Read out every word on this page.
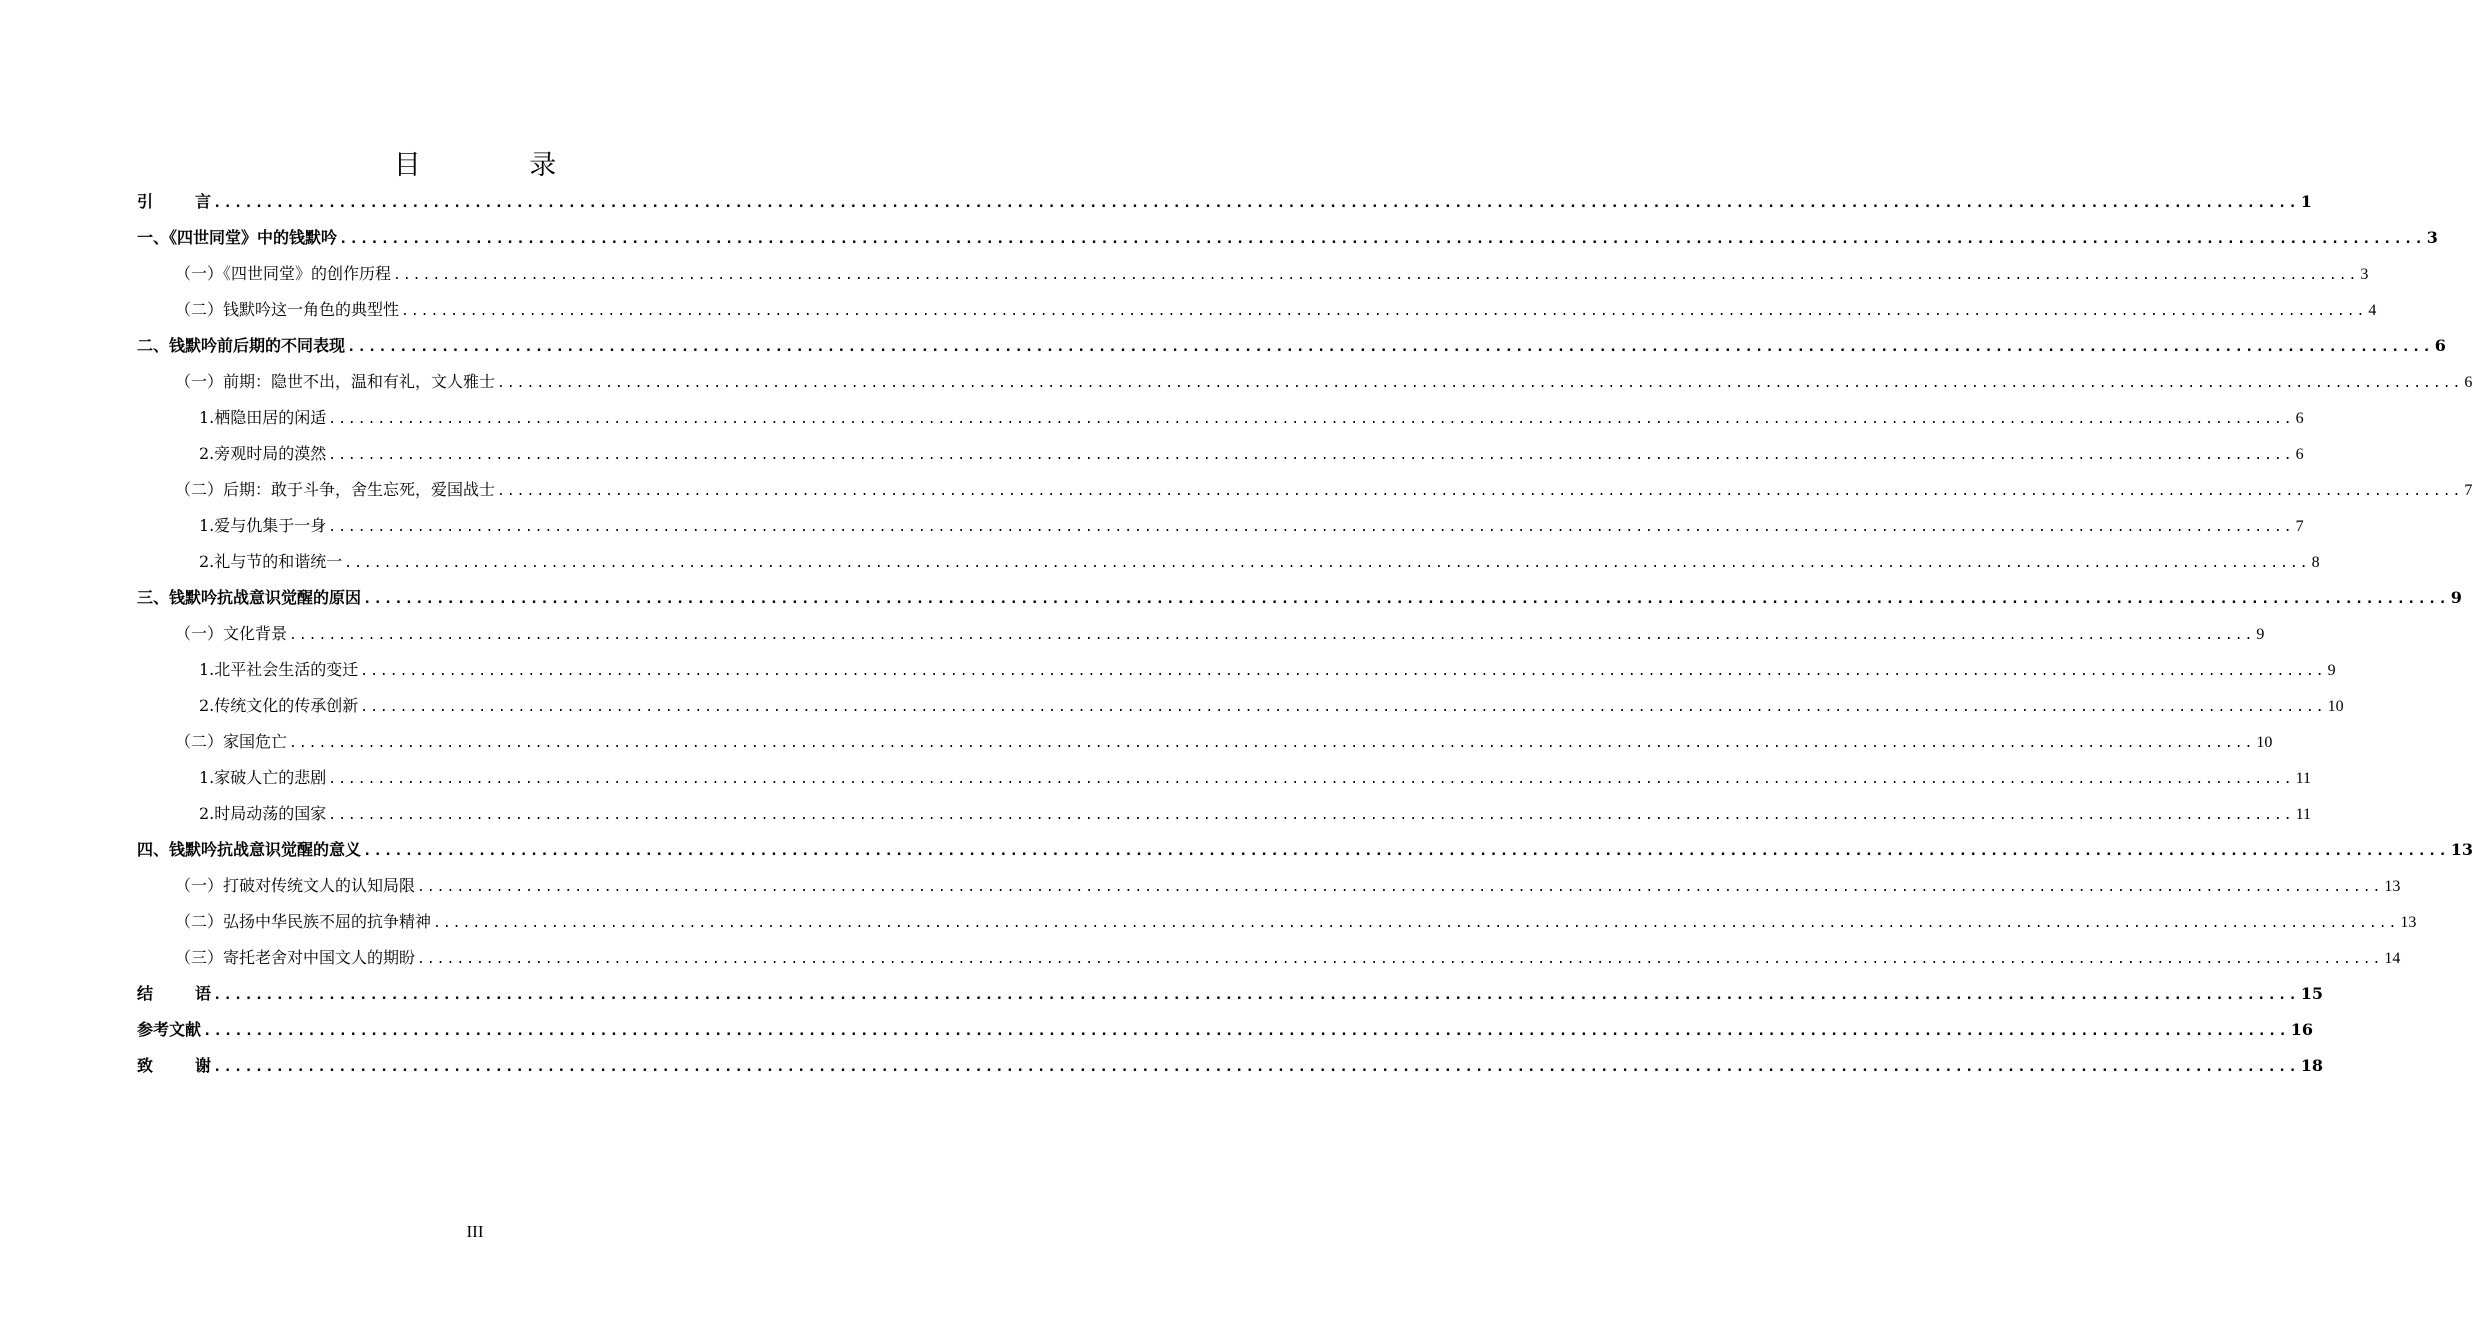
目 录
引言 ........................................................................................................................................................................................................ 1
一、《四世同堂》中的钱默吟 ........................................................................................................................................................................................................ 3
（一）《四世同堂》的创作历程 ........................................................................................................................................................................................................ 3
（二）钱默吟这一角色的典型性 ........................................................................................................................................................................................................ 4
二、钱默吟前后期的不同表现 ........................................................................................................................................................................................................ 6
（一）前期：隐世不出，温和有礼，文人雅士 ........................................................................................................................................................................................................ 6
1.栖隐田居的闲适 ........................................................................................................................................................................................................ 6
2.旁观时局的漠然 ........................................................................................................................................................................................................ 6
（二）后期：敢于斗争，舍生忘死，爱国战士 ........................................................................................................................................................................................................ 7
1.爱与仇集于一身 ........................................................................................................................................................................................................ 7
2.礼与节的和谐统一 ........................................................................................................................................................................................................ 8
三、钱默吟抗战意识觉醒的原因 ........................................................................................................................................................................................................ 9
（一）文化背景 ........................................................................................................................................................................................................ 9
1.北平社会生活的变迁 ........................................................................................................................................................................................................ 9
2.传统文化的传承创新 ........................................................................................................................................................................................................ 10
（二）家国危亡 ........................................................................................................................................................................................................ 10
1.家破人亡的悲剧 ........................................................................................................................................................................................................ 11
2.时局动荡的国家 ........................................................................................................................................................................................................ 11
四、钱默吟抗战意识觉醒的意义 ........................................................................................................................................................................................................ 13
（一）打破对传统文人的认知局限 ........................................................................................................................................................................................................ 13
（二）弘扬中华民族不屈的抗争精神 ........................................................................................................................................................................................................ 13
（三）寄托老舍对中国文人的期盼 ........................................................................................................................................................................................................ 14
结语 ........................................................................................................................................................................................................ 15
参考文献 ........................................................................................................................................................................................................ 16
致谢 ........................................................................................................................................................................................................ 18
III
